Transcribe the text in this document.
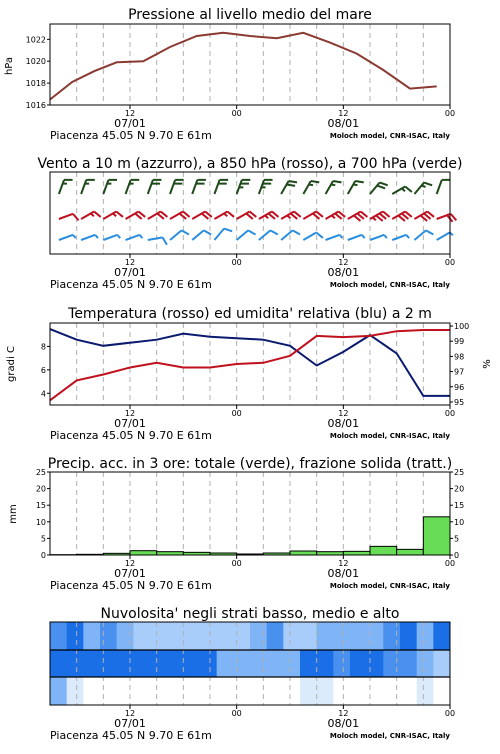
Pressione al livello medio del mare
hPa
1016
1018
1020
1022
Vento a 10 m (azzurro), a 850 hPa (rosso), a 700 hPa (verde)
Temperatura (rosso) ed umidita' relativa (blu) a 2 m
gradi C	%
4
6
8
95
96
97
98
99
100
Precip. acc. in 3 ore: totale (verde), frazione solida (tratt.)
mm
0	0
5	5
10	10
15	15
20	20
25	25
Nuvolosita' negli strati basso, medio e alto
12	00	12	00
07/01	08/01
Piacenza 45.05 N 9.70 E 61m	Moloch model, CNR-ISAC, Italy
12	00	12	00
07/01	08/01
Piacenza 45.05 N 9.70 E 61m	Moloch model, CNR-ISAC, Italy
12	00	12	00
07/01	08/01
Piacenza 45.05 N 9.70 E 61m	Moloch model, CNR-ISAC, Italy
12	00	12	00
07/01	08/01
Piacenza 45.05 N 9.70 E 61m	Moloch model, CNR-ISAC, Italy
12	00	12	00
07/01	08/01
Piacenza 45.05 N 9.70 E 61m	Moloch model, CNR-ISAC, Italy
